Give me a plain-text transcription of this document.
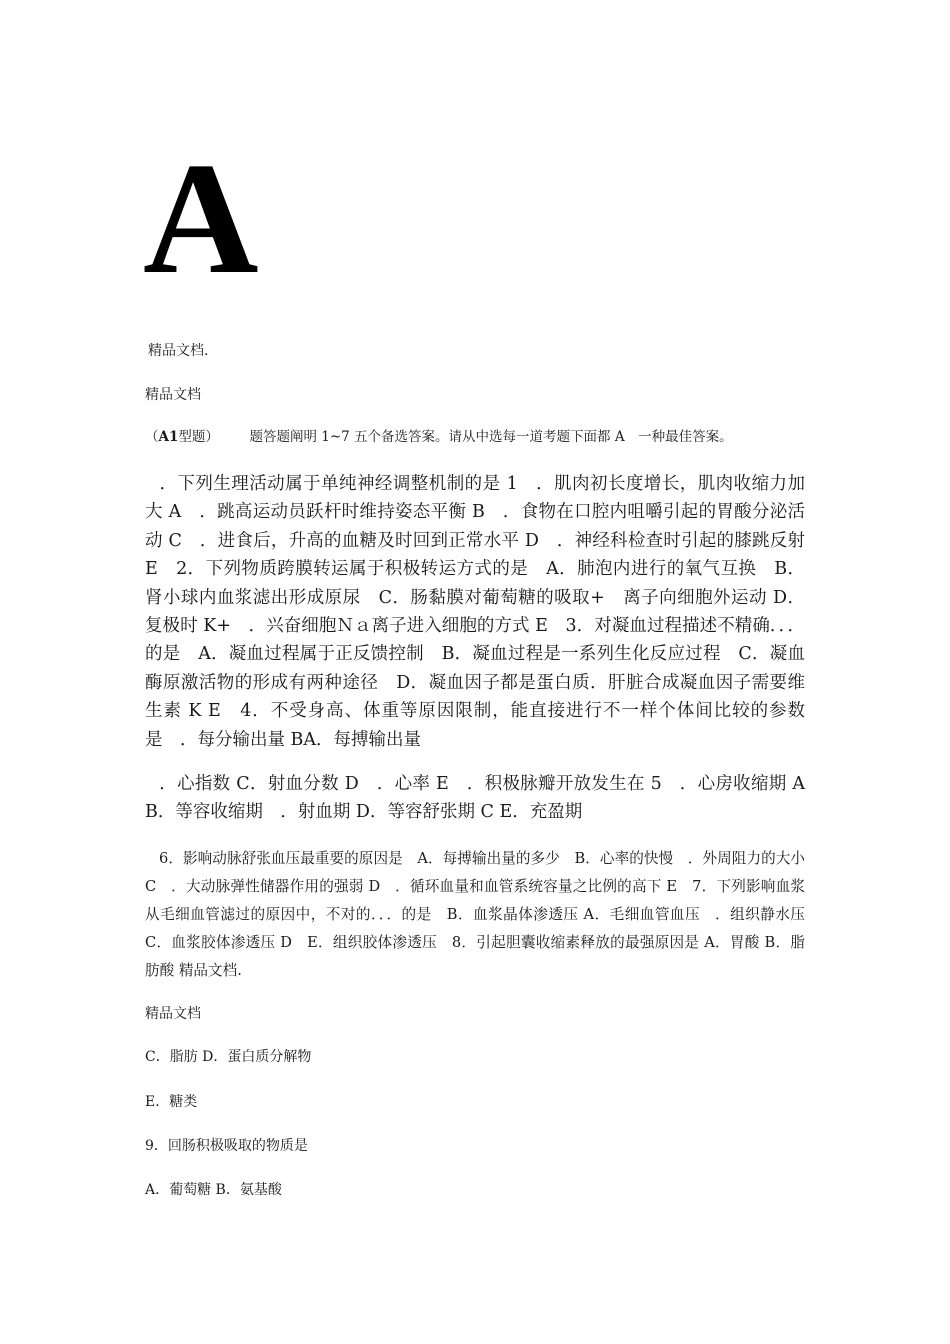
A
精品文档.
精品文档
（A1型题） 题答题阐明 1~7 五个备选答案。请从中选每一道考题下面都 A　一种最佳答案。
．下列生理活动属于单纯神经调整机制的是 1　．肌肉初长度增长，肌肉收缩力加大 A　．跳高运动员跃杆时维持姿态平衡 B　．食物在口腔内咀嚼引起的胃酸分泌活动 C　．进食后，升高的血糖及时回到正常水平 D　．神经科检查时引起的膝跳反射 E　2．下列物质跨膜转运属于积极转运方式的是　A．肺泡内进行的氧气互换　B．肾小球内血浆滤出形成原尿　C．肠黏膜对葡萄糖的吸取+　离子向细胞外运动 D．复极时 K+　．兴奋细胞Ｎａ离子进入细胞的方式 E　3．对凝血过程描述不精确．．．的是　A．凝血过程属于正反馈控制　B．凝血过程是一系列生化反应过程　C．凝血酶原激活物的形成有两种途径　D．凝血因子都是蛋白质．肝脏合成凝血因子需要维生素 K E　4．不受身高、体重等原因限制，能直接进行不一样个体间比较的参数是　．每分输出量 BA．每搏输出量
．心指数 C．射血分数 D　．心率 E　．积极脉瓣开放发生在 5　．心房收缩期 A B．等容收缩期　．射血期 D．等容舒张期 C E．充盈期
6．影响动脉舒张血压最重要的原因是　A．每搏输出量的多少　B．心率的快慢　．外周阻力的大小 C　．大动脉弹性储器作用的强弱 D　．循环血量和血管系统容量之比例的高下 E　7．下列影响血浆从毛细血管滤过的原因中，不对的．．．的是　B．血浆晶体渗透压 A．毛细血管血压　．组织静水压 C．血浆胶体渗透压 D　E．组织胶体渗透压　8．引起胆囊收缩素释放的最强原因是 A．胃酸 B．脂肪酸 精品文档.
精品文档
C．脂肪 D．蛋白质分解物
E．糖类
9．回肠积极吸取的物质是
A．葡萄糖 B．氨基酸
